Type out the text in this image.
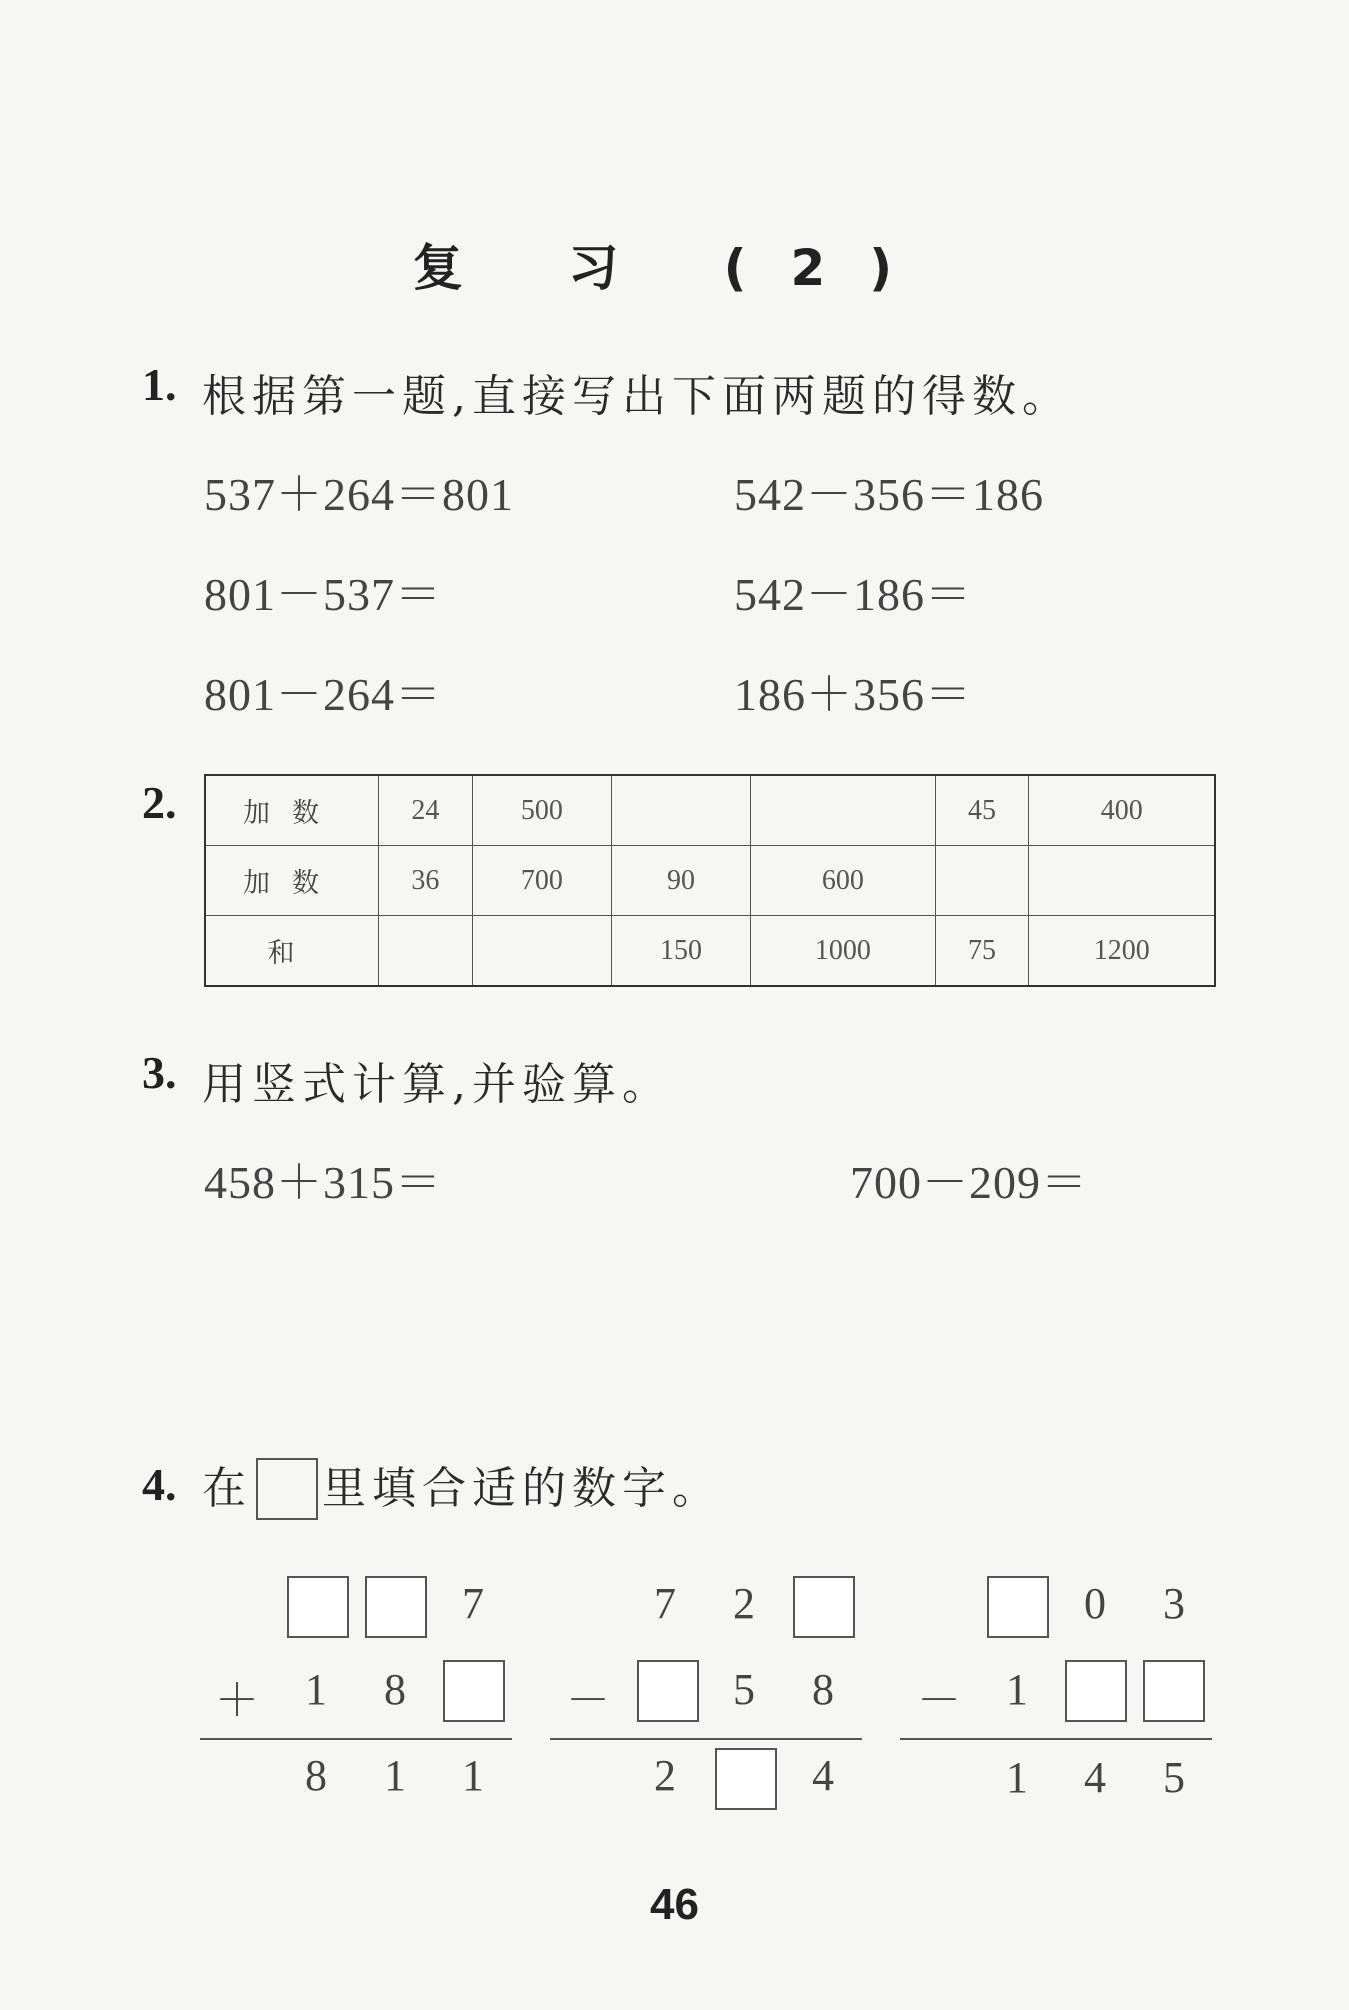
复 习 (2)
1. 根据第一题,直接写出下面两题的得数。
537＋264＝801
801－537＝
801－264＝
542－356＝186
542－186＝
186＋356＝
2. 加数	24	500			45	400
加数	36	700	90	600		
和			150	1000	75	1200
3. 用竖式计算,并验算。
458＋315＝	700－209＝
4. 在 里填合适的数字。
7
＋ 1 8
8 1 1
7 2
－	5 8
2	4
0 3
－ 1
1 4 5
46
